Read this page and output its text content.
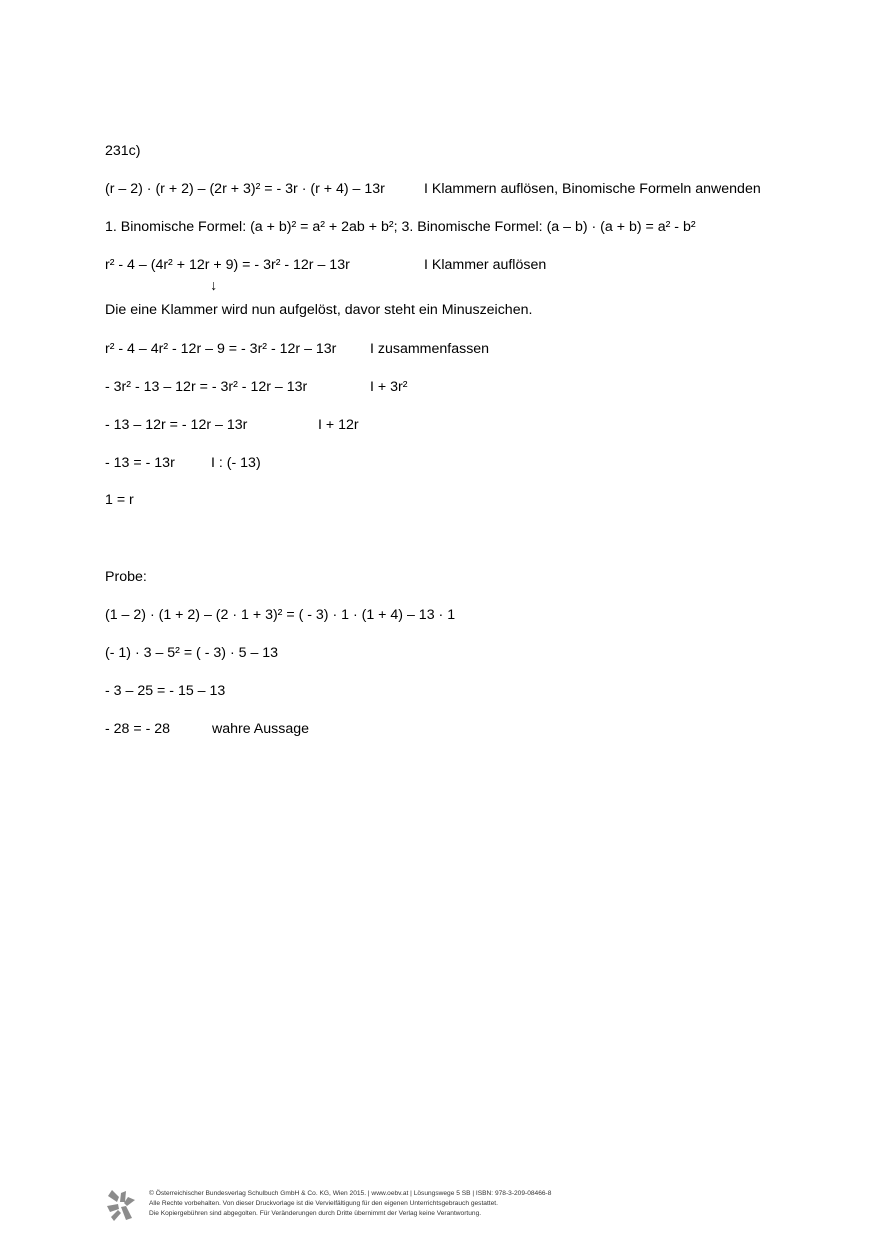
231c)
(r – 2) · (r + 2) – (2r + 3)² = - 3r · (r + 4) – 13r	I Klammern auflösen, Binomische Formeln anwenden
1. Binomische Formel: (a + b)² = a² + 2ab + b²; 3. Binomische Formel: (a – b) · (a + b) = a² - b²
r² - 4 – (4r² + 12r + 9) = - 3r² - 12r – 13r	I Klammer auflösen
↓
Die eine Klammer wird nun aufgelöst, davor steht ein Minuszeichen.
r² - 4 – 4r² - 12r – 9 = - 3r² - 12r – 13r I zusammenfassen
- 3r² - 13 – 12r = - 3r² - 12r – 13r	I + 3r²
- 13 – 12r = - 12r – 13r	I + 12r
- 13 = - 13r	I : (- 13)
1 = r
Probe:
(1 – 2) · (1 + 2) – (2 · 1 + 3)² = ( - 3) · 1 · (1 + 4) – 13 · 1
(- 1) · 3 – 5² = ( - 3) · 5 – 13
- 3 – 25 = - 15 – 13
- 28 = - 28	wahre Aussage
© Österreichischer Bundesverlag Schulbuch GmbH & Co. KG, Wien 2015. | www.oebv.at | Lösungswege 5 SB | ISBN: 978-3-209-08466-8
Alle Rechte vorbehalten. Von dieser Druckvorlage ist die Vervielfältigung für den eigenen Unterrichtsgebrauch gestattet.
Die Kopiergebühren sind abgegolten. Für Veränderungen durch Dritte übernimmt der Verlag keine Verantwortung.
